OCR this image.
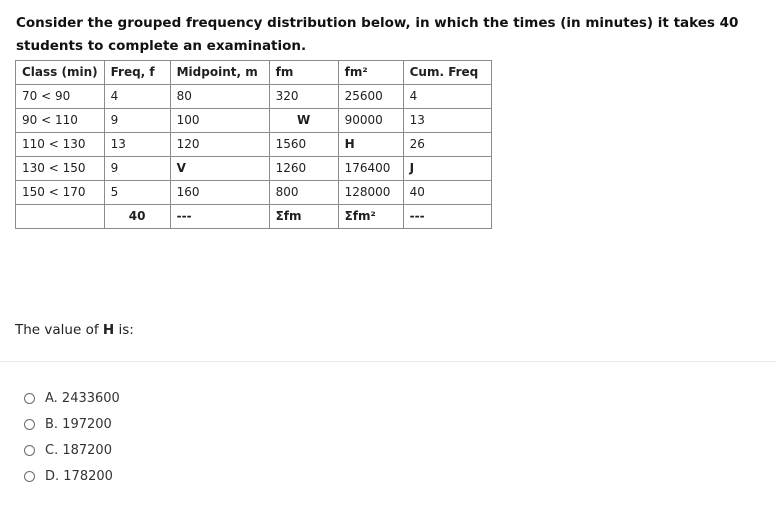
Consider the grouped frequency distribution below, in which the times (in minutes) it takes 40 students to complete an examination.
Class (min)	Freq, f	Midpoint, m	fm	fm²	Cum. Freq
70 < 90	4	80	320	25600	4
90 < 110	9	100	W	90000	13
110 < 130	13	120	1560	H	26
130 < 150	9	V	1260	176400	J
150 < 170	5	160	800	128000	40
	40	---	Σfm	Σfm²	---
The value of H is:
A. 2433600
B. 197200
C. 187200
D. 178200
